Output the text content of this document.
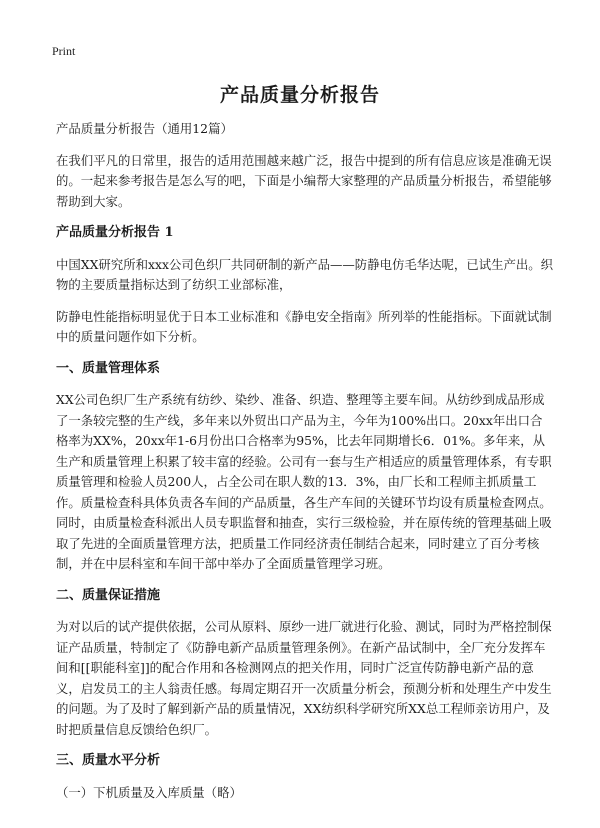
Print
产品质量分析报告

产品质量分析报告（通用12篇）

在我们平凡的日常里，报告的适用范围越来越广泛，报告中提到的所有信息应该是准确无误的。一起来参考报告是怎么写的吧，下面是小编帮大家整理的产品质量分析报告，希望能够帮助到大家。

产品质量分析报告 1

中国XX研究所和xxx公司色织厂共同研制的新产品——防静电仿毛华达呢，已试生产出。织物的主要质量指标达到了纺织工业部标准，

防静电性能指标明显优于日本工业标准和《静电安全指南》所列举的性能指标。下面就试制中的质量问题作如下分析。

一、质量管理体系

XX公司色织厂生产系统有纺纱、染纱、准备、织造、整理等主要车间。从纺纱到成品形成了一条较完整的生产线，多年来以外贸出口产品为主，今年为100%出口。20xx年出口合格率为XX%，20xx年1-6月份出口合格率为95%，比去年同期增长6．01%。多年来，从生产和质量管理上积累了较丰富的经验。公司有一套与生产相适应的质量管理体系，有专职质量管理和检验人员200人，占全公司在职人数的13．3%，由厂长和工程师主抓质量工作。质量检查科具体负责各车间的产品质量，各生产车间的关键环节均设有质量检查网点。同时，由质量检查科派出人员专职监督和抽查，实行三级检验，并在原传统的管理基础上吸取了先进的全面质量管理方法，把质量工作同经济责任制结合起来，同时建立了百分考核制，并在中层科室和车间干部中举办了全面质量管理学习班。

二、质量保证措施

为对以后的试产提供依据，公司从原料、原纱一进厂就进行化验、测试，同时为严格控制保证产品质量，特制定了《防静电新产品质量管理条例》。在新产品试制中，全厂充分发挥车间和[[职能科室]]的配合作用和各检测网点的把关作用，同时广泛宣传防静电新产品的意义，启发员工的主人翁责任感。每周定期召开一次质量分析会，预测分析和处理生产中发生的问题。为了及时了解到新产品的质量情况，XX纺织科学研究所XX总工程师亲访用户，及时把质量信息反馈给色织厂。

三、质量水平分析

（一）下机质量及入库质量（略）
